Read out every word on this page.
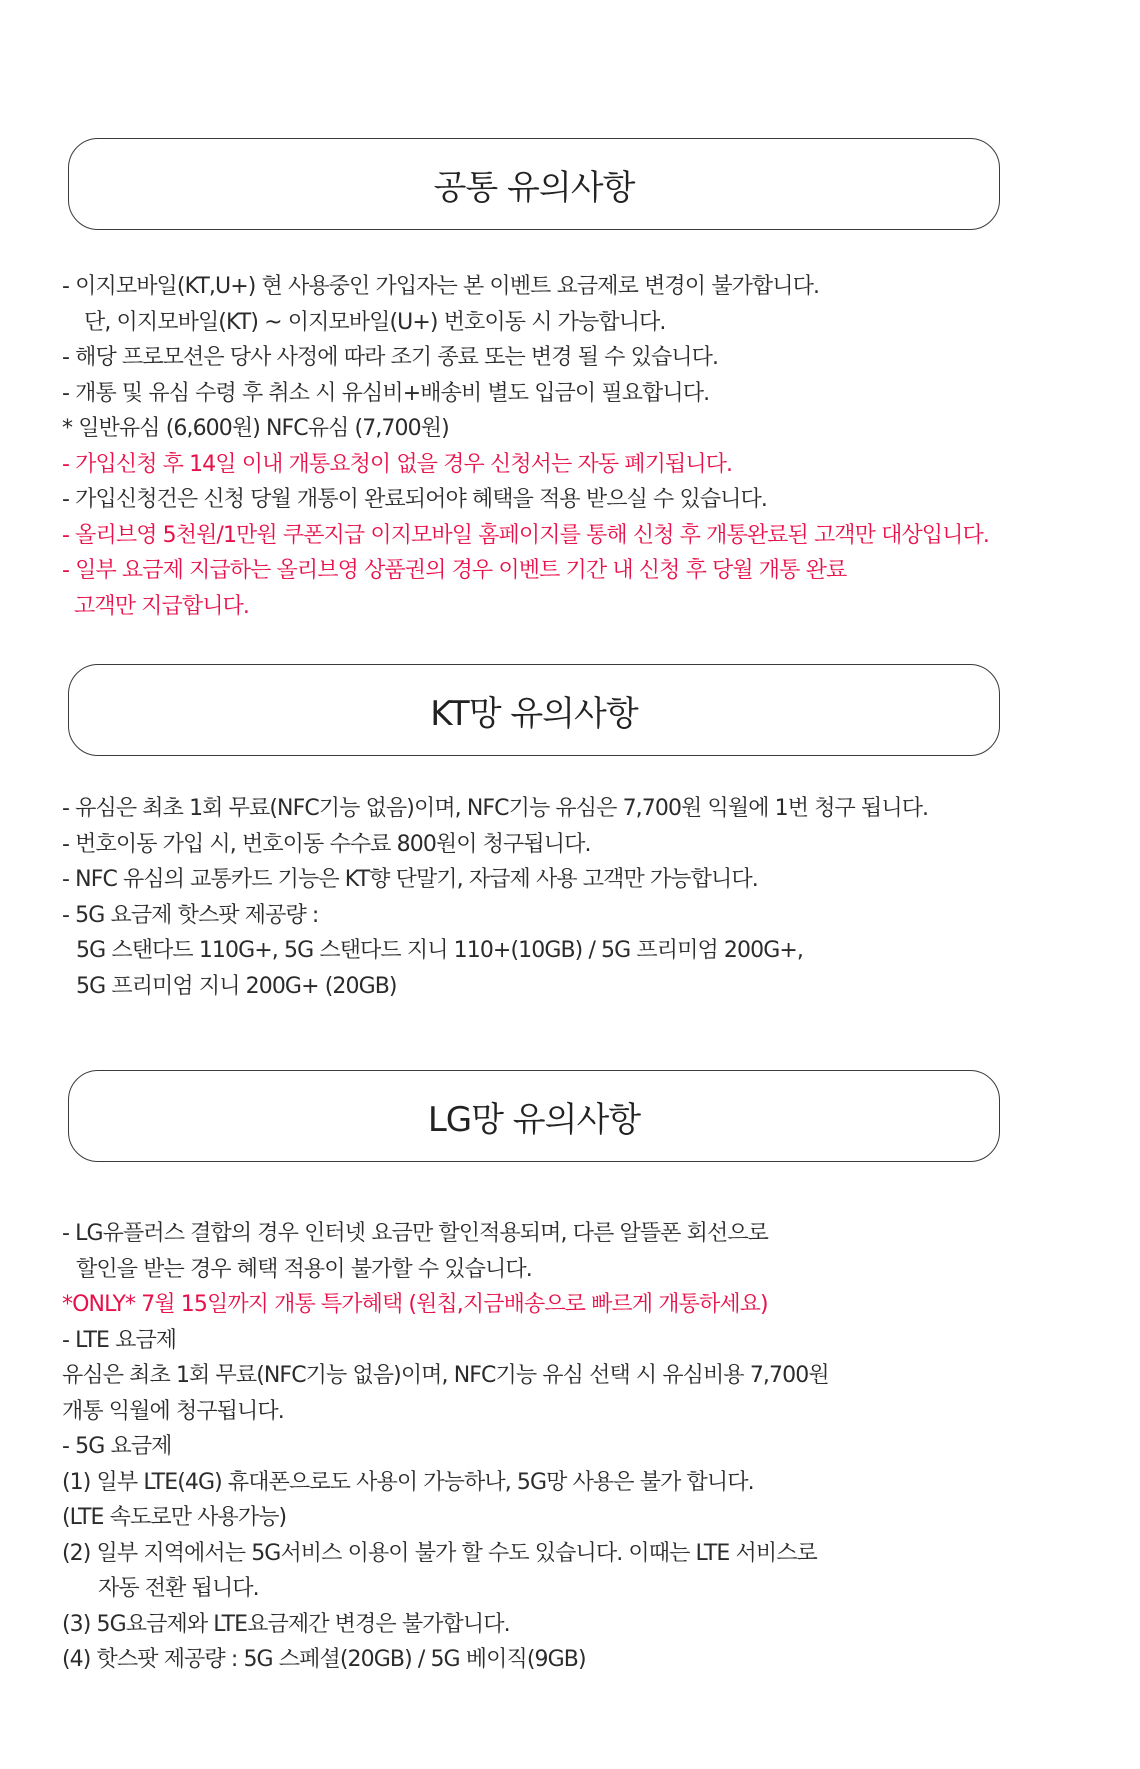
공통 유의사항
- 이지모바일(KT,U+) 현 사용중인 가입자는 본 이벤트 요금제로 변경이 불가합니다.
단, 이지모바일(KT) ~ 이지모바일(U+) 번호이동 시 가능합니다.
- 해당 프로모션은 당사 사정에 따라 조기 종료 또는 변경 될 수 있습니다.
- 개통 및 유심 수령 후 취소 시 유심비+배송비 별도 입금이 필요합니다.
* 일반유심 (6,600원) NFC유심 (7,700원)
- 가입신청 후 14일 이내 개통요청이 없을 경우 신청서는 자동 폐기됩니다.
- 가입신청건은 신청 당월 개통이 완료되어야 혜택을 적용 받으실 수 있습니다.
- 올리브영 5천원/1만원 쿠폰지급 이지모바일 홈페이지를 통해 신청 후 개통완료된 고객만 대상입니다.
- 일부 요금제 지급하는 올리브영 상품권의 경우 이벤트 기간 내 신청 후 당월 개통 완료
고객만 지급합니다.
KT망 유의사항
- 유심은 최초 1회 무료(NFC기능 없음)이며, NFC기능 유심은 7,700원 익월에 1번 청구 됩니다.
- 번호이동 가입 시, 번호이동 수수료 800원이 청구됩니다.
- NFC 유심의 교통카드 기능은 KT향 단말기, 자급제 사용 고객만 가능합니다.
- 5G 요금제 핫스팟 제공량 :
5G 스탠다드 110G+, 5G 스탠다드 지니 110+(10GB) / 5G 프리미엄 200G+,
5G 프리미엄 지니 200G+ (20GB)
LG망 유의사항
- LG유플러스 결합의 경우 인터넷 요금만 할인적용되며, 다른 알뜰폰 회선으로
할인을 받는 경우 혜택 적용이 불가할 수 있습니다.
*ONLY* 7월 15일까지 개통 특가혜택 (원칩,지금배송으로 빠르게 개통하세요)
- LTE 요금제
유심은 최초 1회 무료(NFC기능 없음)이며, NFC기능 유심 선택 시 유심비용 7,700원
개통 익월에 청구됩니다.
- 5G 요금제
(1) 일부 LTE(4G) 휴대폰으로도 사용이 가능하나, 5G망 사용은 불가 합니다.
(LTE 속도로만 사용가능)
(2) 일부 지역에서는 5G서비스 이용이 불가 할 수도 있습니다. 이때는 LTE 서비스로
자동 전환 됩니다.
(3) 5G요금제와 LTE요금제간 변경은 불가합니다.
(4) 핫스팟 제공량 : 5G 스페셜(20GB) / 5G 베이직(9GB)
